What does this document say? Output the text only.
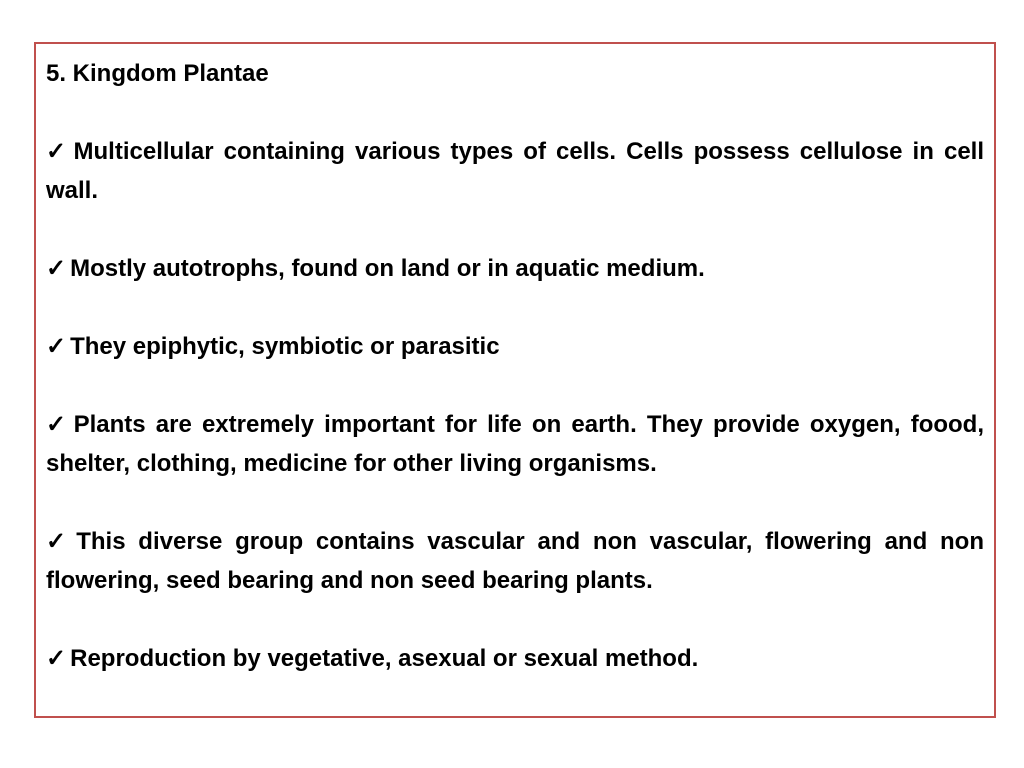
5. Kingdom Plantae
✓ Multicellular containing various types of cells. Cells possess cellulose in cell wall.
✓ Mostly autotrophs, found on land or in aquatic medium.
✓ They epiphytic, symbiotic or parasitic
✓ Plants are extremely important for life on earth. They provide oxygen, foood, shelter, clothing, medicine for other living organisms.
✓ This diverse group contains vascular and non vascular, flowering and non flowering, seed bearing and non seed bearing plants.
✓ Reproduction by vegetative, asexual or sexual method.
